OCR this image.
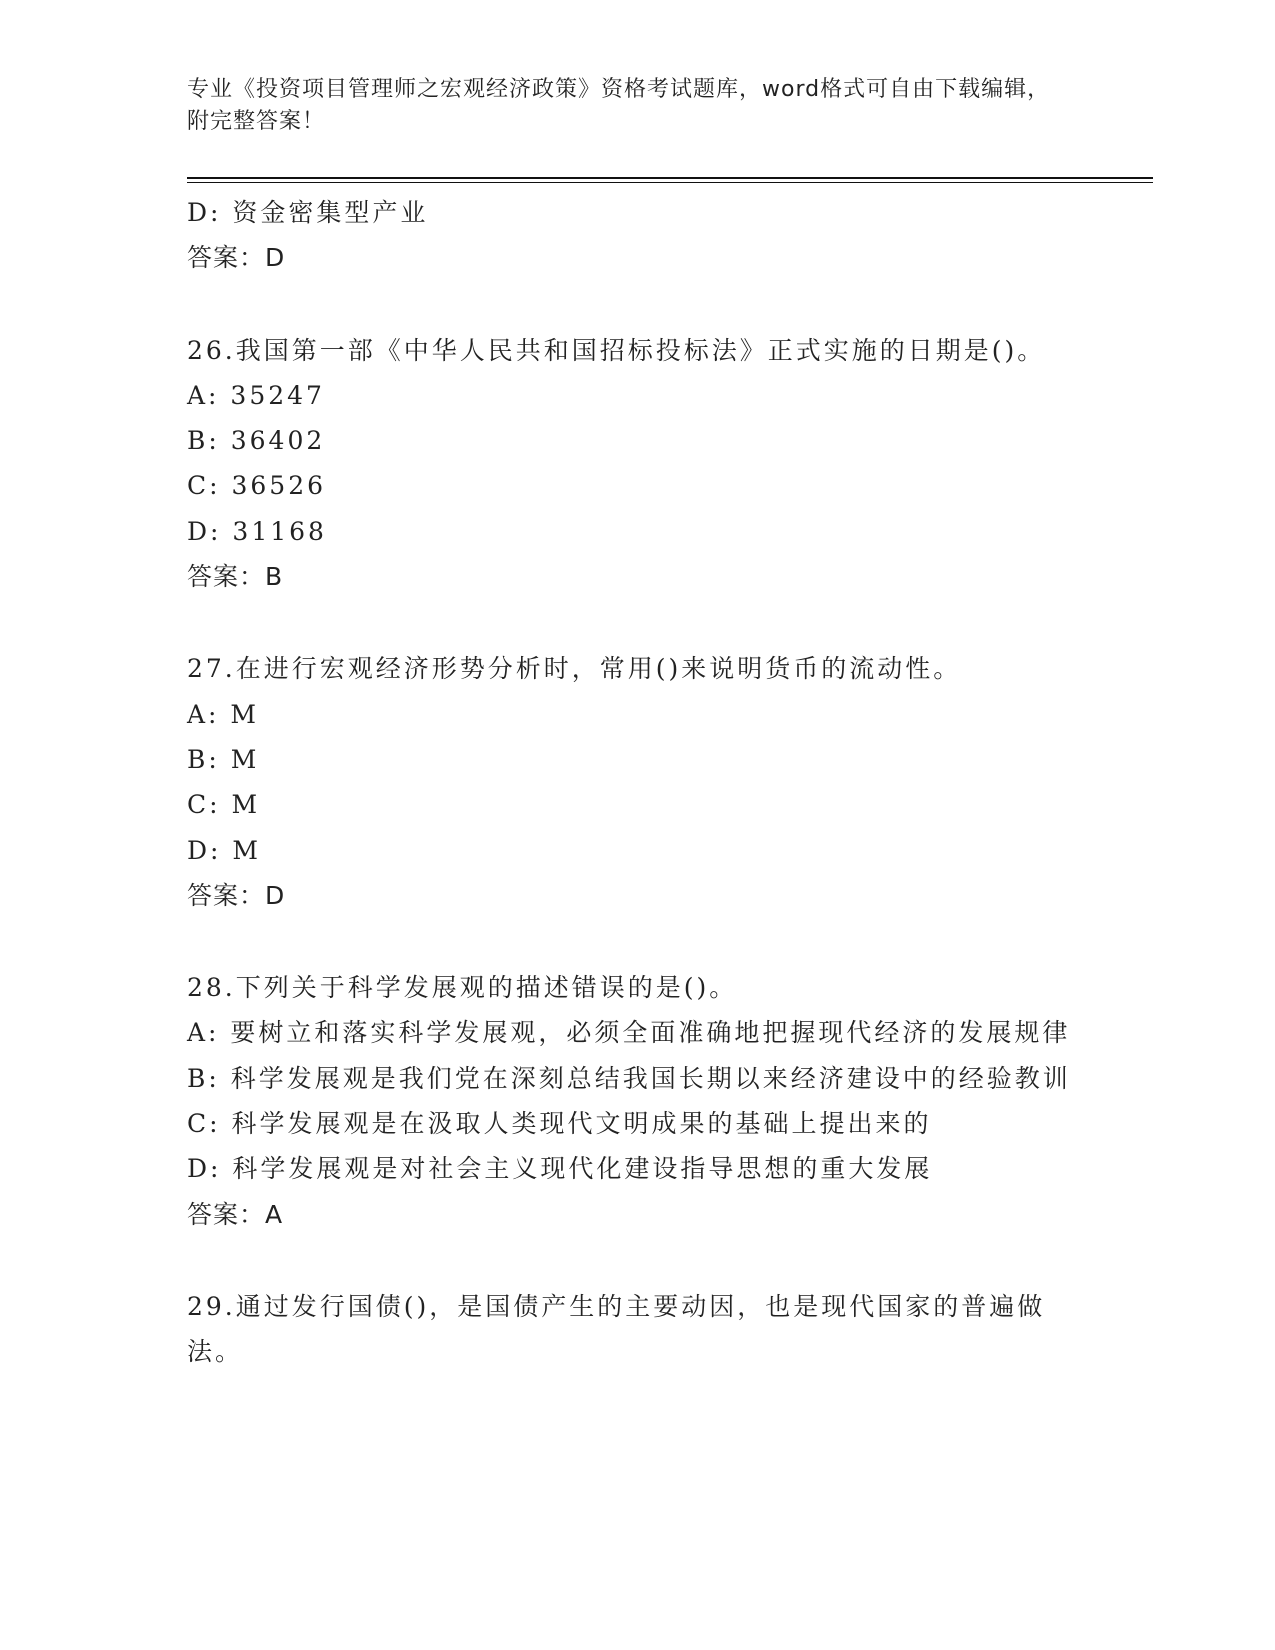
专业《投资项目管理师之宏观经济政策》资格考试题库，word格式可自由下载编辑，附完整答案！
D: 资金密集型产业
答案：D
26.我国第一部《中华人民共和国招标投标法》正式实施的日期是()。
A: 35247
B: 36402
C: 36526
D: 31168
答案：B
27.在进行宏观经济形势分析时，常用()来说明货币的流动性。
A: M
B: M
C: M
D: M
答案：D
28.下列关于科学发展观的描述错误的是()。
A: 要树立和落实科学发展观，必须全面准确地把握现代经济的发展规律
B: 科学发展观是我们党在深刻总结我国长期以来经济建设中的经验教训
C: 科学发展观是在汲取人类现代文明成果的基础上提出来的
D: 科学发展观是对社会主义现代化建设指导思想的重大发展
答案：A
29.通过发行国债()，是国债产生的主要动因，也是现代国家的普遍做法。
